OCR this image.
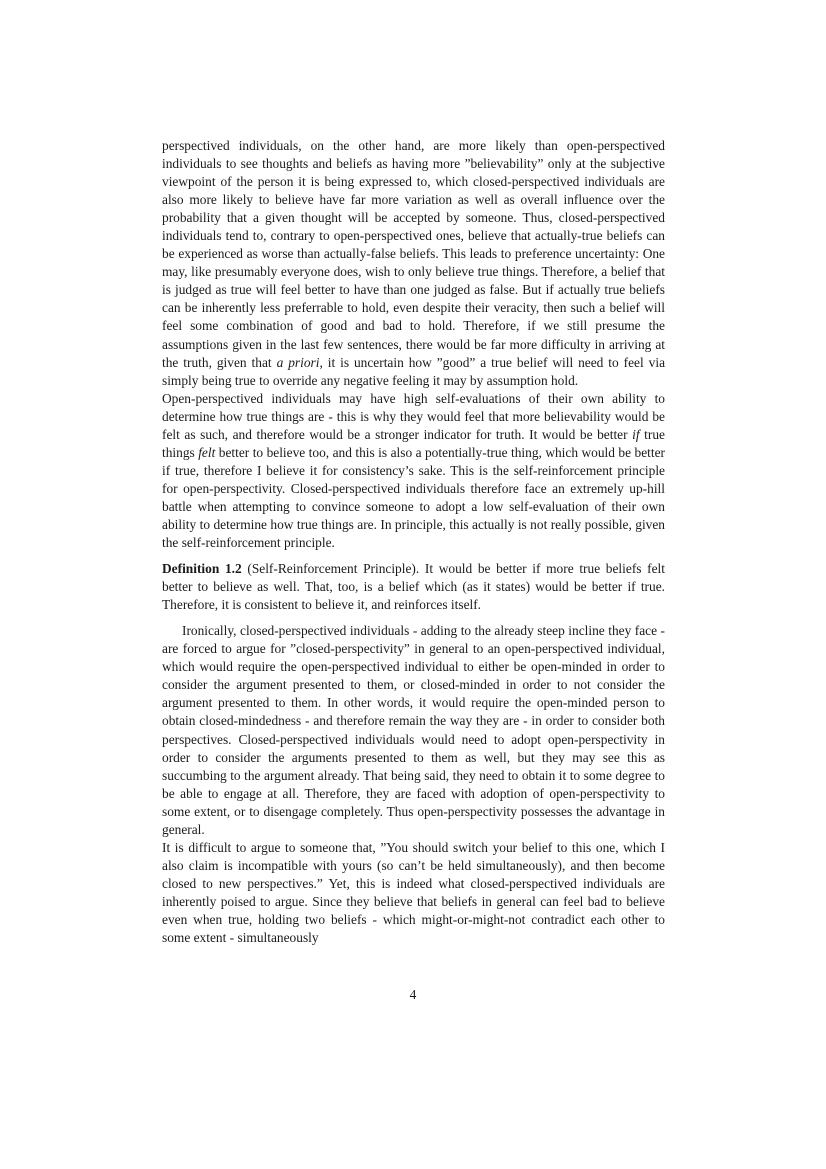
perspectived individuals, on the other hand, are more likely than open-perspectived individuals to see thoughts and beliefs as having more ”believability” only at the subjective viewpoint of the person it is being expressed to, which closed-perspectived individuals are also more likely to believe have far more variation as well as overall influence over the probability that a given thought will be accepted by someone. Thus, closed-perspectived individuals tend to, contrary to open-perspectived ones, believe that actually-true beliefs can be experienced as worse than actually-false beliefs. This leads to preference uncertainty: One may, like presumably everyone does, wish to only believe true things. Therefore, a belief that is judged as true will feel better to have than one judged as false. But if actually true beliefs can be inherently less preferrable to hold, even despite their veracity, then such a belief will feel some combination of good and bad to hold. Therefore, if we still presume the assumptions given in the last few sentences, there would be far more difficulty in arriving at the truth, given that a priori, it is uncertain how ”good” a true belief will need to feel via simply being true to override any negative feeling it may by assumption hold.

Open-perspectived individuals may have high self-evaluations of their own ability to determine how true things are - this is why they would feel that more believability would be felt as such, and therefore would be a stronger indicator for truth. It would be better if true things felt better to believe too, and this is also a potentially-true thing, which would be better if true, therefore I believe it for consistency’s sake. This is the self-reinforcement principle for open-perspectivity. Closed-perspectived individuals therefore face an extremely up-hill battle when attempting to convince someone to adopt a low self-evaluation of their own ability to determine how true things are. In principle, this actually is not really possible, given the self-reinforcement principle.

Definition 1.2 (Self-Reinforcement Principle). It would be better if more true beliefs felt better to believe as well. That, too, is a belief which (as it states) would be better if true. Therefore, it is consistent to believe it, and reinforces itself.

Ironically, closed-perspectived individuals - adding to the already steep incline they face - are forced to argue for ”closed-perspectivity” in general to an open-perspectived individual, which would require the open-perspectived individual to either be open-minded in order to consider the argument presented to them, or closed-minded in order to not consider the argument presented to them. In other words, it would require the open-minded person to obtain closed-mindedness - and therefore remain the way they are - in order to consider both perspectives. Closed-perspectived individuals would need to adopt open-perspectivity in order to consider the arguments presented to them as well, but they may see this as succumbing to the argument already. That being said, they need to obtain it to some degree to be able to engage at all. Therefore, they are faced with adoption of open-perspectivity to some extent, or to disengage completely. Thus open-perspectivity possesses the advantage in general.

It is difficult to argue to someone that, ”You should switch your belief to this one, which I also claim is incompatible with yours (so can’t be held simultaneously), and then become closed to new perspectives.” Yet, this is indeed what closed-perspectived individuals are inherently poised to argue. Since they believe that beliefs in general can feel bad to believe even when true, holding two beliefs - which might-or-might-not contradict each other to some extent - simultaneously

4
